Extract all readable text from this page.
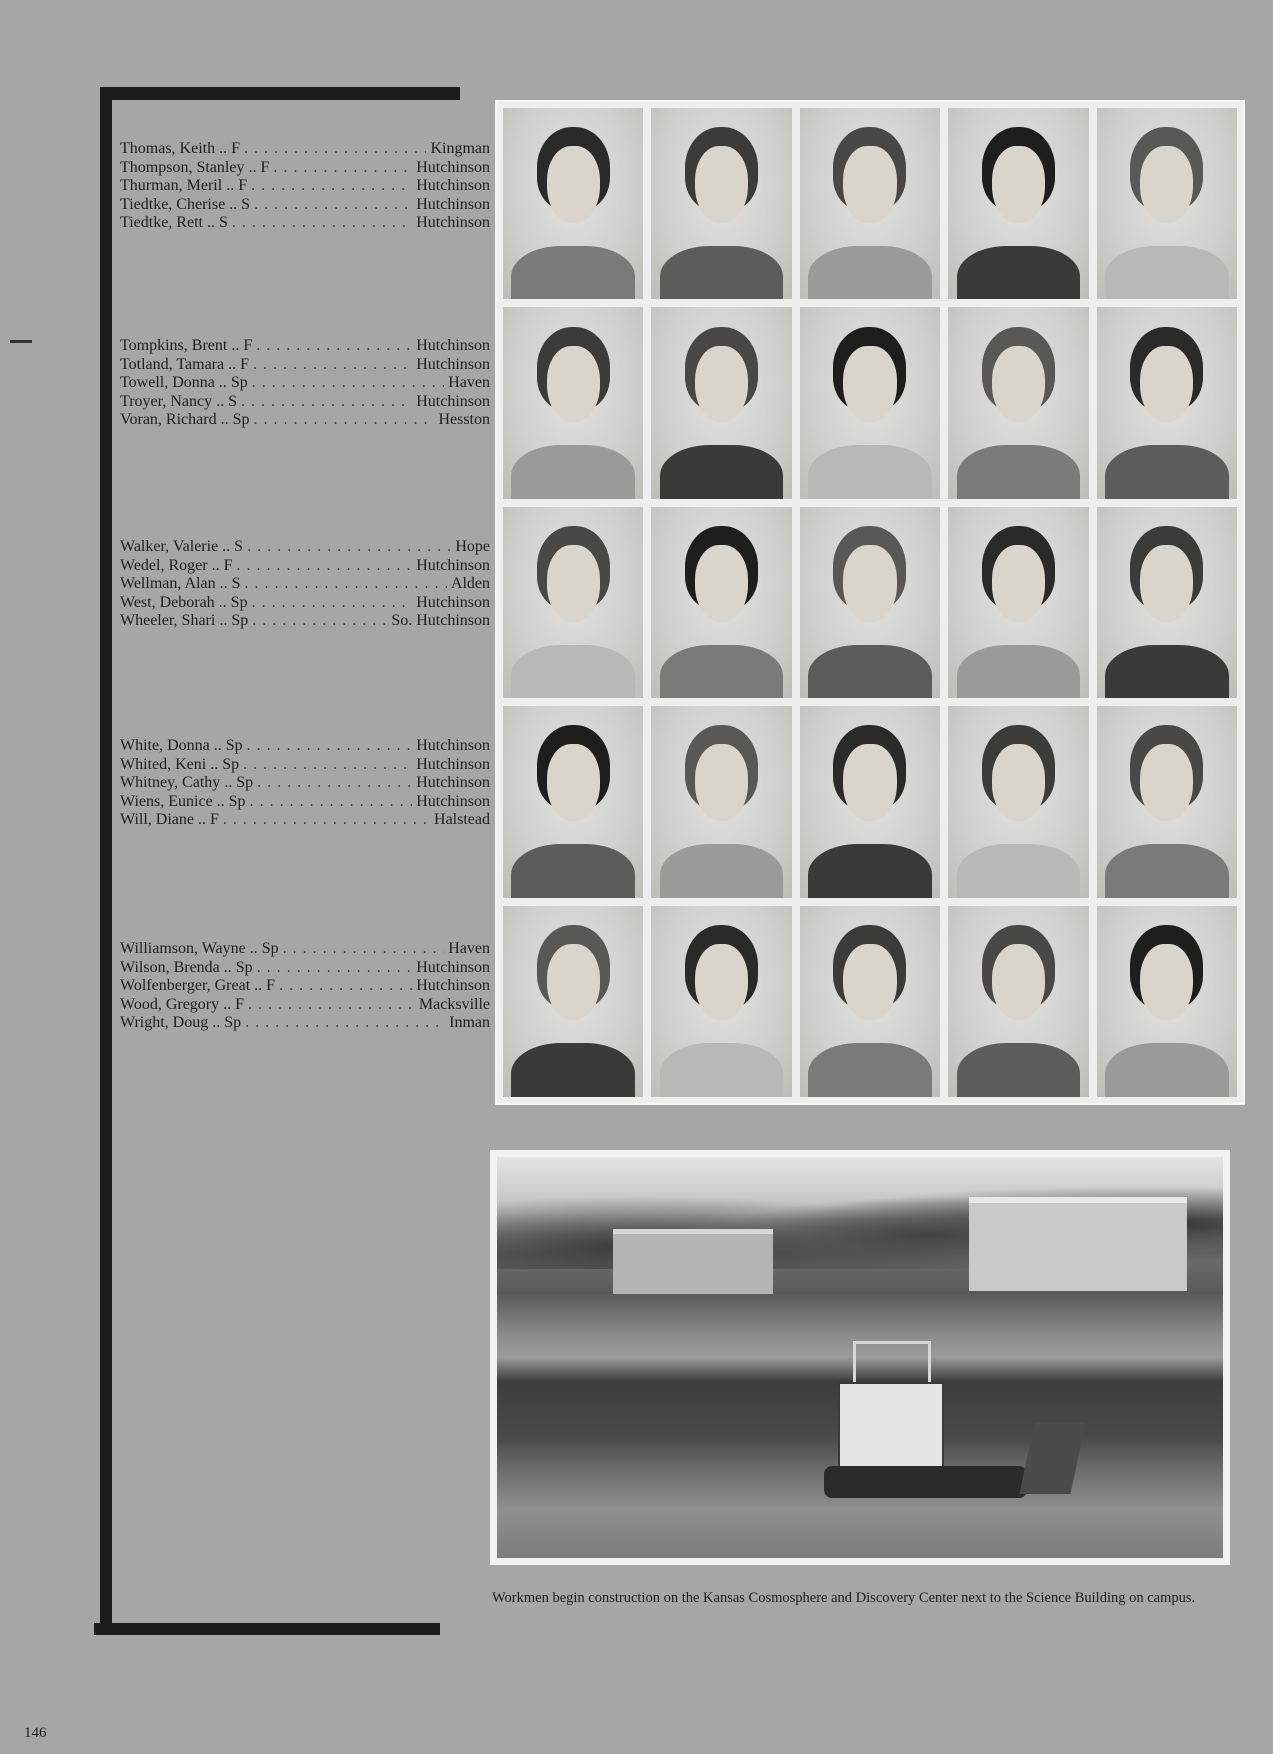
Thomas, Keith .. F . . .	Kingman
Thompson, Stanley .. F . . .	Hutchinson
Thurman, Meril .. F . . .	Hutchinson
Tiedtke, Cherise .. S . . .	Hutchinson
Tiedtke, Rett .. S . . .	Hutchinson
Tompkins, Brent .. F . . .	Hutchinson
Totland, Tamara .. F . . .	Hutchinson
Towell, Donna .. Sp . . .	Haven
Troyer, Nancy .. S . . .	Hutchinson
Voran, Richard .. Sp . . .	Hesston
Walker, Valerie .. S . . .	Hope
Wedel, Roger .. F . . .	Hutchinson
Wellman, Alan .. S . . .	Alden
West, Deborah .. Sp . . .	Hutchinson
Wheeler, Shari .. Sp . . .	So. Hutchinson
White, Donna .. Sp . . .	Hutchinson
Whited, Keni .. Sp . . .	Hutchinson
Whitney, Cathy .. Sp . . .	Hutchinson
Wiens, Eunice .. Sp . . .	Hutchinson
Will, Diane .. F . . .	Halstead
Williamson, Wayne .. Sp . . .	Haven
Wilson, Brenda .. Sp . . .	Hutchinson
Wolfenberger, Great .. F . . .	Hutchinson
Wood, Gregory .. F . . .	Macksville
Wright, Doug .. Sp . . .	Inman
Workmen begin construction on the Kansas Cosmosphere and Discovery Center next to the Science Building on campus.
146
